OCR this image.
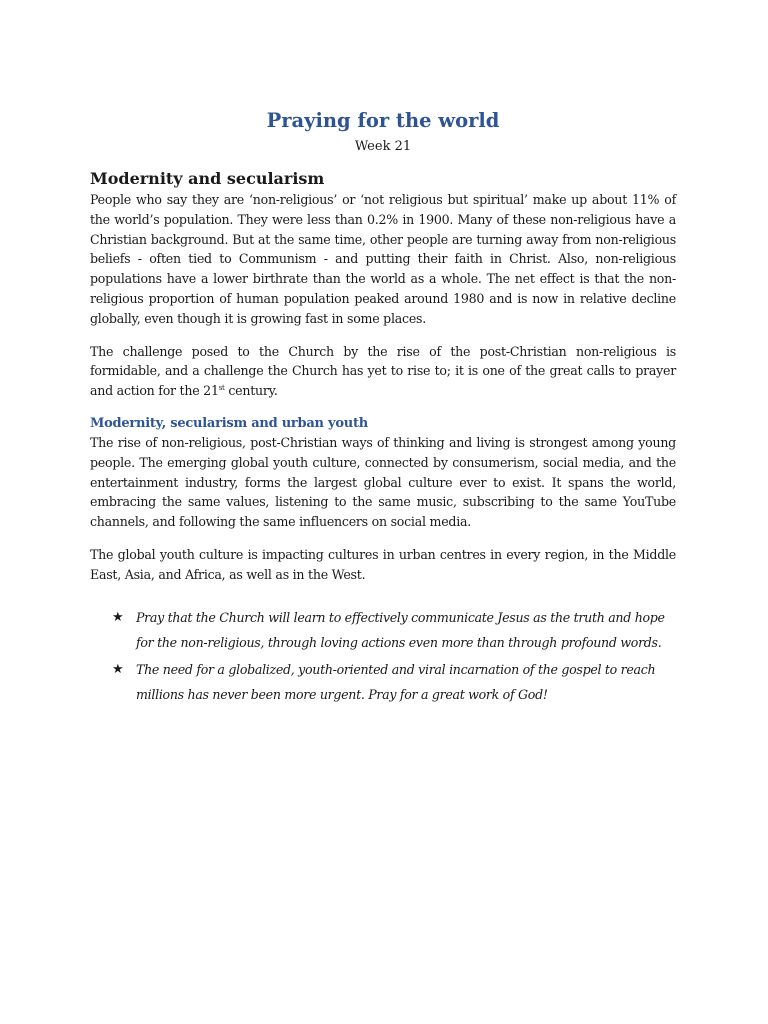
Praying for the world
Week 21
Modernity and secularism

People who say they are ‘non-religious’ or ‘not religious but spiritual’ make up about 11% of the world’s population. They were less than 0.2% in 1900. Many of these non-religious have a Christian background. But at the same time, other people are turning away from non-religious beliefs - often tied to Communism - and putting their faith in Christ. Also, non-religious populations have a lower birthrate than the world as a whole. The net effect is that the non-religious proportion of human population peaked around 1980 and is now in relative decline globally, even though it is growing fast in some places.

The challenge posed to the Church by the rise of the post-Christian non-religious is formidable, and a challenge the Church has yet to rise to; it is one of the great calls to prayer and action for the 21st century.

Modernity, secularism and urban youth

The rise of non-religious, post-Christian ways of thinking and living is strongest among young people. The emerging global youth culture, connected by consumerism, social media, and the entertainment industry, forms the largest global culture ever to exist. It spans the world, embracing the same values, listening to the same music, subscribing to the same YouTube channels, and following the same influencers on social media.

The global youth culture is impacting cultures in urban centres in every region, in the Middle East, Asia, and Africa, as well as in the West.

★ Pray that the Church will learn to effectively communicate Jesus as the truth and hope for the non-religious, through loving actions even more than through profound words.
★ The need for a globalized, youth-oriented and viral incarnation of the gospel to reach millions has never been more urgent. Pray for a great work of God!
